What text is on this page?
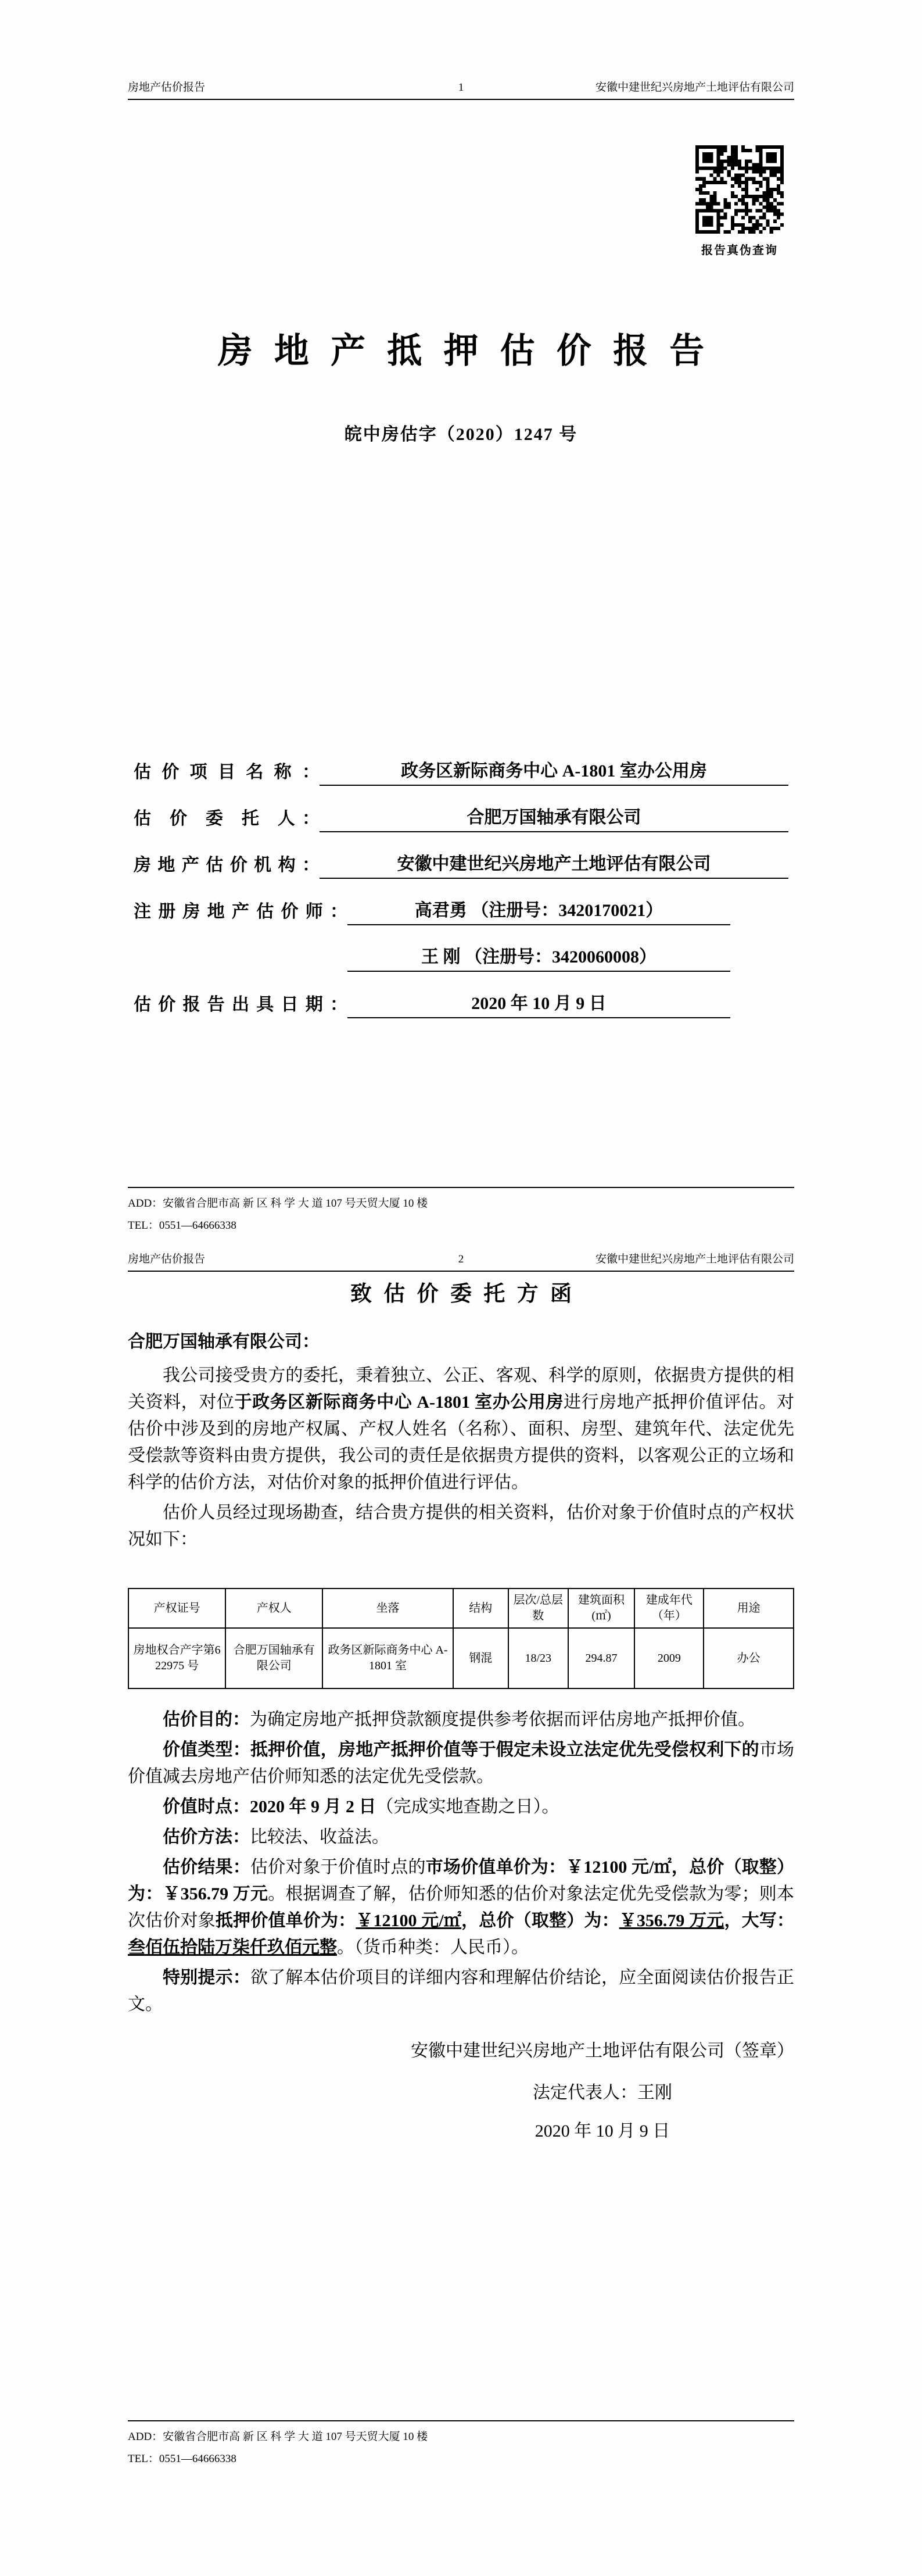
房地产估价报告	1	安徽中建世纪兴房地产土地评估有限公司
报告真伪查询
房地产抵押估价报告
皖中房估字（2020）1247 号
估价项目名称：	政务区新际商务中心 A-1801 室办公用房
估 价 委 托 人：	合肥万国轴承有限公司
房地产估价机构：	安徽中建世纪兴房地产土地评估有限公司
注册房地产估价师：	高君勇 （注册号：3420170021）
王 刚 （注册号：3420060008）
估价报告出具日期：	2020 年 10 月 9 日
ADD：安徽省合肥市高 新 区 科 学 大 道 107 号天贸大厦 10 楼
TEL：0551—64666338
房地产估价报告	2	安徽中建世纪兴房地产土地评估有限公司
致估价委托方函
合肥万国轴承有限公司：

我公司接受贵方的委托，秉着独立、公正、客观、科学的原则，依据贵方提供的相关资料，对位于政务区新际商务中心 A-1801 室办公用房进行房地产抵押价值评估。对估价中涉及到的房地产权属、产权人姓名（名称）、面积、房型、建筑年代、法定优先受偿款等资料由贵方提供，我公司的责任是依据贵方提供的资料，以客观公正的立场和科学的估价方法，对估价对象的抵押价值进行评估。

估价人员经过现场勘查，结合贵方提供的相关资料，估价对象于价值时点的产权状况如下：

产权证号	产权人	坐落	结构	层次/总层数	建筑面积(㎡)	建成年代（年）	用途
房地权合产字第622975 号	合肥万国轴承有限公司	政务区新际商务中心 A-1801 室	钢混	18/23	294.87	2009	办公

估价目的：为确定房地产抵押贷款额度提供参考依据而评估房地产抵押价值。

价值类型：抵押价值，房地产抵押价值等于假定未设立法定优先受偿权利下的市场价值减去房地产估价师知悉的法定优先受偿款。

价值时点：2020 年 9 月 2 日（完成实地查勘之日）。

估价方法：比较法、收益法。

估价结果：估价对象于价值时点的市场价值单价为：￥12100 元/㎡，总价（取整）为：￥356.79 万元。根据调查了解，估价师知悉的估价对象法定优先受偿款为零；则本次估价对象抵押价值单价为：￥12100 元/㎡，总价（取整）为：￥356.79 万元，大写：叁佰伍拾陆万柒仟玖佰元整。（货币种类：人民币）。

特别提示：欲了解本估价项目的详细内容和理解估价结论，应全面阅读估价报告正文。

安徽中建世纪兴房地产土地评估有限公司（签章）
法定代表人：王刚
2020 年 10 月 9 日
ADD：安徽省合肥市高 新 区 科 学 大 道 107 号天贸大厦 10 楼
TEL：0551—64666338
